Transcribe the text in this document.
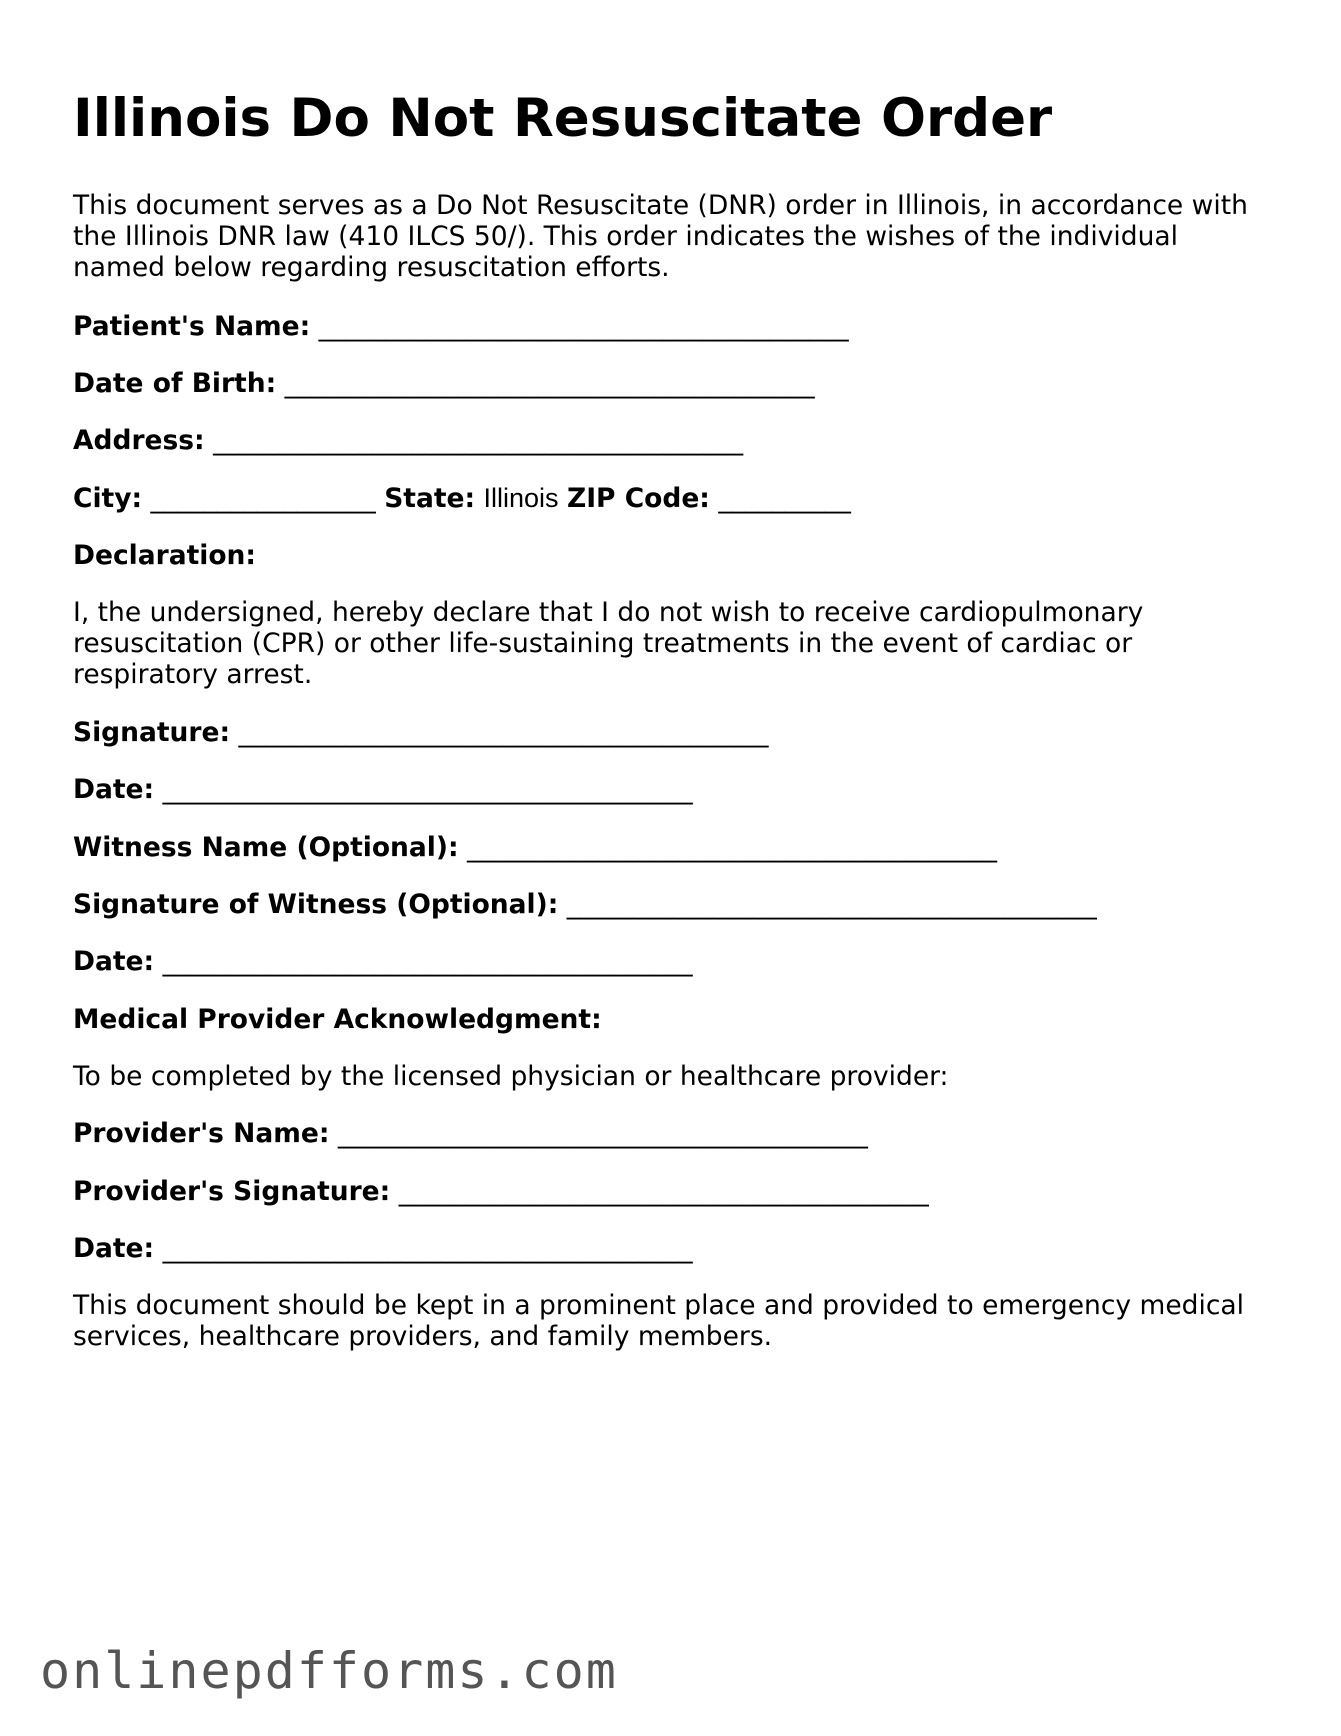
Illinois Do Not Resuscitate Order

This document serves as a Do Not Resuscitate (DNR) order in Illinois, in accordance with the Illinois DNR law (410 ILCS 50/). This order indicates the wishes of the individual named below regarding resuscitation efforts.

Patient's Name: ________________________________________
Date of Birth: ________________________________________
Address: ________________________________________
City: _________________ State: Illinois ZIP Code: __________
Declaration:

I, the undersigned, hereby declare that I do not wish to receive cardiopulmonary resuscitation (CPR) or other life-sustaining treatments in the event of cardiac or respiratory arrest.

Signature: ________________________________________
Date: ________________________________________
Witness Name (Optional): ________________________________________
Signature of Witness (Optional): ________________________________________
Date: ________________________________________
Medical Provider Acknowledgment:

To be completed by the licensed physician or healthcare provider:

Provider's Name: ________________________________________
Provider's Signature: ________________________________________
Date: ________________________________________

This document should be kept in a prominent place and provided to emergency medical services, healthcare providers, and family members.

onlinepdfforms.com
